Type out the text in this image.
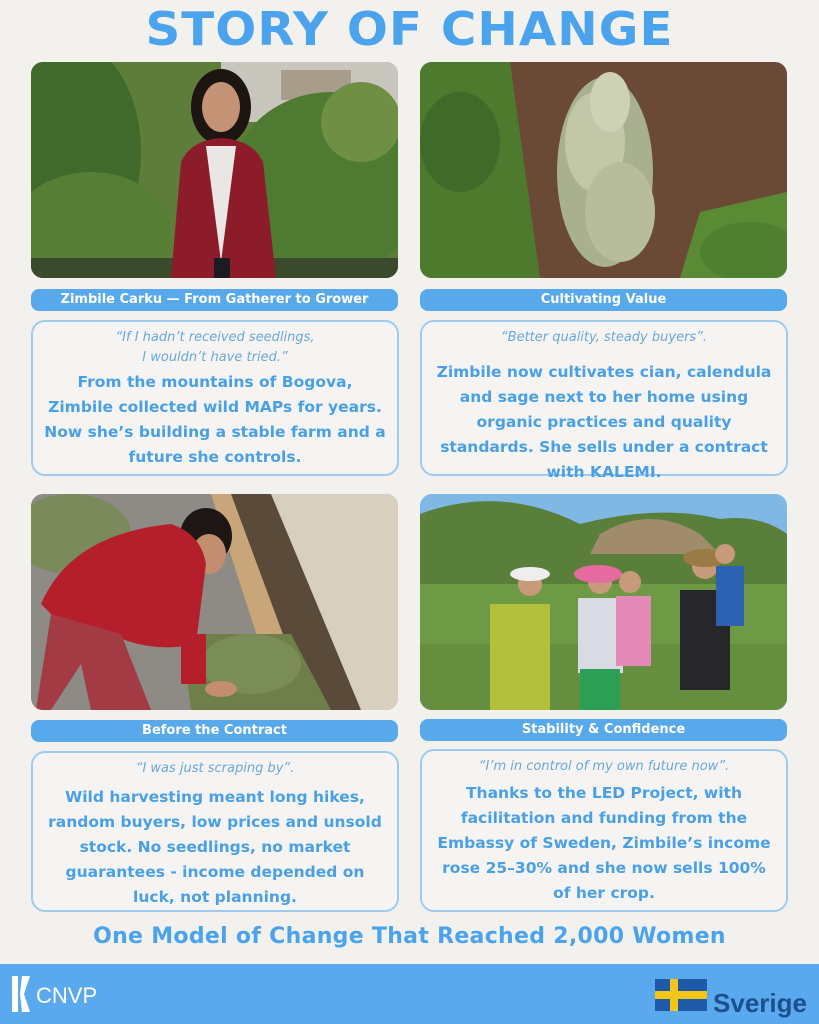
STORY OF CHANGE
Zimbile Carku — From Gatherer to Grower	Cultivating Value
“If I hadn’t received seedlings,
I wouldn’t have tried.”
From the mountains of Bogova, Zimbile collected wild MAPs for years. Now she’s building a stable farm and a future she controls.
“Better quality, steady buyers”.
Zimbile now cultivates cian, calendula and sage next to her home using organic practices and quality standards. She sells under a contract with KALEMI.
Before the Contract	Stability & Confidence
“I was just scraping by”.
Wild harvesting meant long hikes, random buyers, low prices and unsold stock. No seedlings, no market guarantees - income depended on luck, not planning.
“I’m in control of my own future now”.
Thanks to the LED Project, with facilitation and funding from the Embassy of Sweden, Zimbile’s income rose 25–30% and she now sells 100% of her crop.
One Model of Change That Reached 2,000 Women
CNVP	Sverige
